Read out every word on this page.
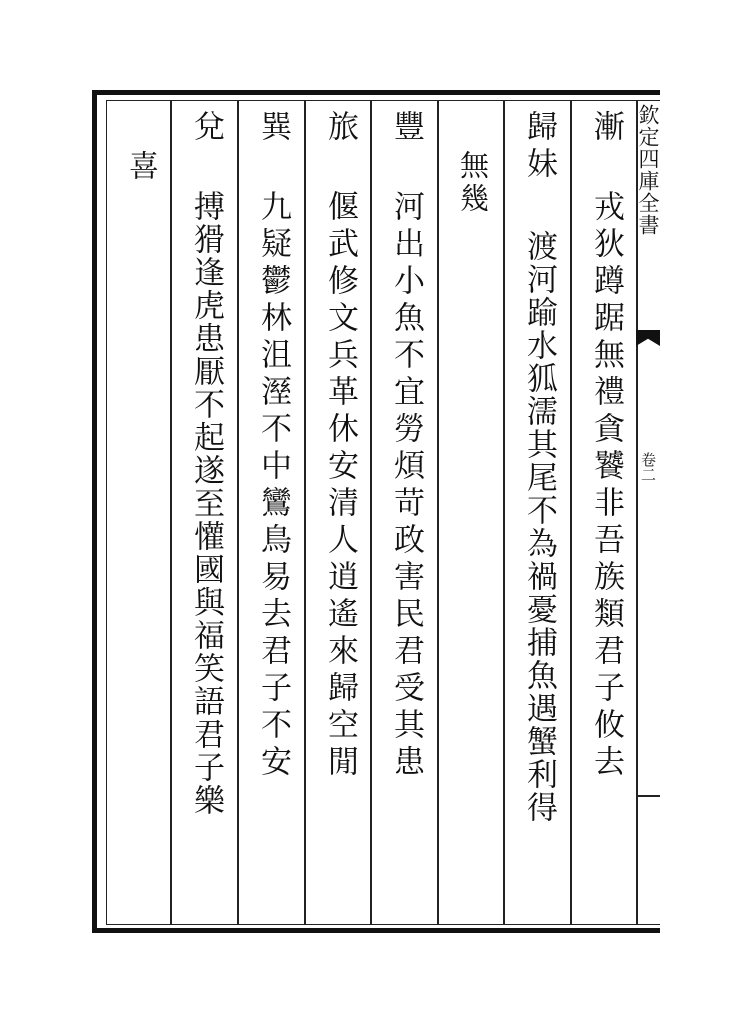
欽定四庫全書
卷二
漸
戎狄蹲踞無禮貪饕非吾族類君子攸去
歸妹
渡河踰水狐濡其尾不為禍憂捕魚遇蟹利得
無幾
豐
河出小魚不宜勞煩苛政害民君受其患
旅
偃武修文兵革休安清人逍遙來歸空閒
巽
九疑鬱林沮溼不中鸞鳥易去君子不安
兌
搏猾逢虎患厭不起遂至懽國與福笑語君子樂
喜
